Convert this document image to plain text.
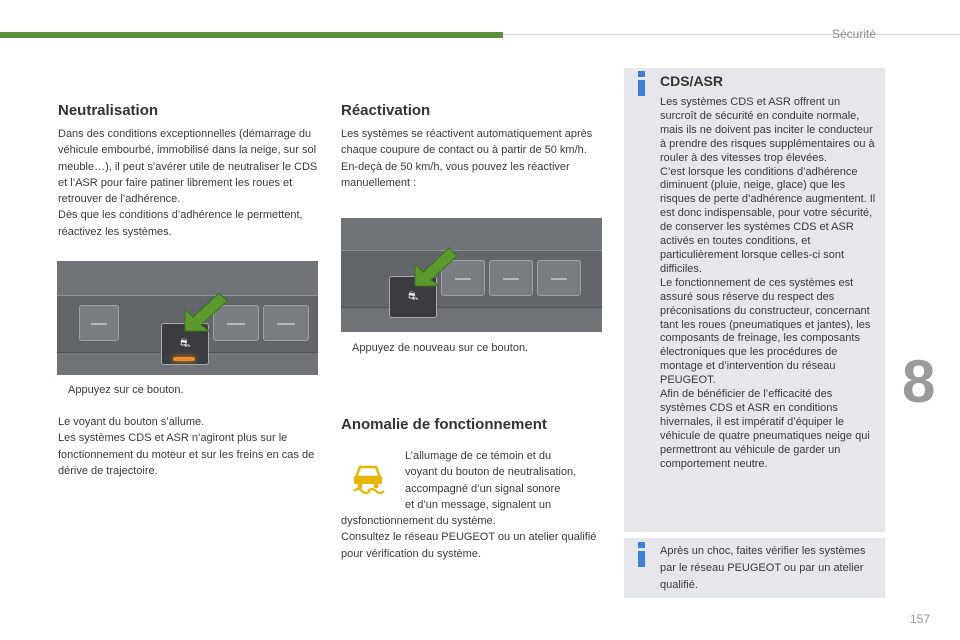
Sécurité
Neutralisation

Dans des conditions exceptionnelles (démarrage du véhicule embourbé, immobilisé dans la neige, sur sol meuble…), il peut s’avérer utile de neutraliser le CDS et l’ASR pour faire patiner librement les roues et retrouver de l’adhérence.

Dès que les conditions d’adhérence le permettent, réactivez les systèmes.

⛐
Appuyez sur ce bouton.

Le voyant du bouton s’allume.

Les systèmes CDS et ASR n’agiront plus sur le fonctionnement du moteur et sur les freins en cas de dérive de trajectoire.

Réactivation

Les systèmes se réactivent automatiquement après chaque coupure de contact ou à partir de 50 km/h.

En-deçà de 50 km/h, vous pouvez les réactiver manuellement :

⛐
Appuyez de nouveau sur ce bouton.
Anomalie de fonctionnement

L’allumage de ce témoin et du

voyant du bouton de neutralisation,

accompagné d’un signal sonore

et d’un message, signalent un

dysfonctionnement du système.

Consultez le réseau PEUGEOT ou un atelier qualifié pour vérification du système.

CDS/ASR

Les systèmes CDS et ASR offrent un surcroît de sécurité en conduite normale, mais ils ne doivent pas inciter le conducteur à prendre des risques supplémentaires ou à rouler à des vitesses trop élevées.

C’est lorsque les conditions d’adhérence diminuent (pluie, neige, glace) que les risques de perte d’adhérence augmentent. Il est donc indispensable, pour votre sécurité, de conserver les systèmes CDS et ASR activés en toutes conditions, et particulièrement lorsque celles-ci sont difficiles.

Le fonctionnement de ces systèmes est assuré sous réserve du respect des préconisations du constructeur, concernant tant les roues (pneumatiques et jantes), les composants de freinage, les composants électroniques que les procédures de montage et d’intervention du réseau PEUGEOT.

Afin de bénéficier de l’efficacité des systèmes CDS et ASR en conditions hivernales, il est impératif d’équiper le véhicule de quatre pneumatiques neige qui permettront au véhicule de garder un comportement neutre.

Après un choc, faites vérifier les systèmes par le réseau PEUGEOT ou par un atelier qualifié.
8
157
